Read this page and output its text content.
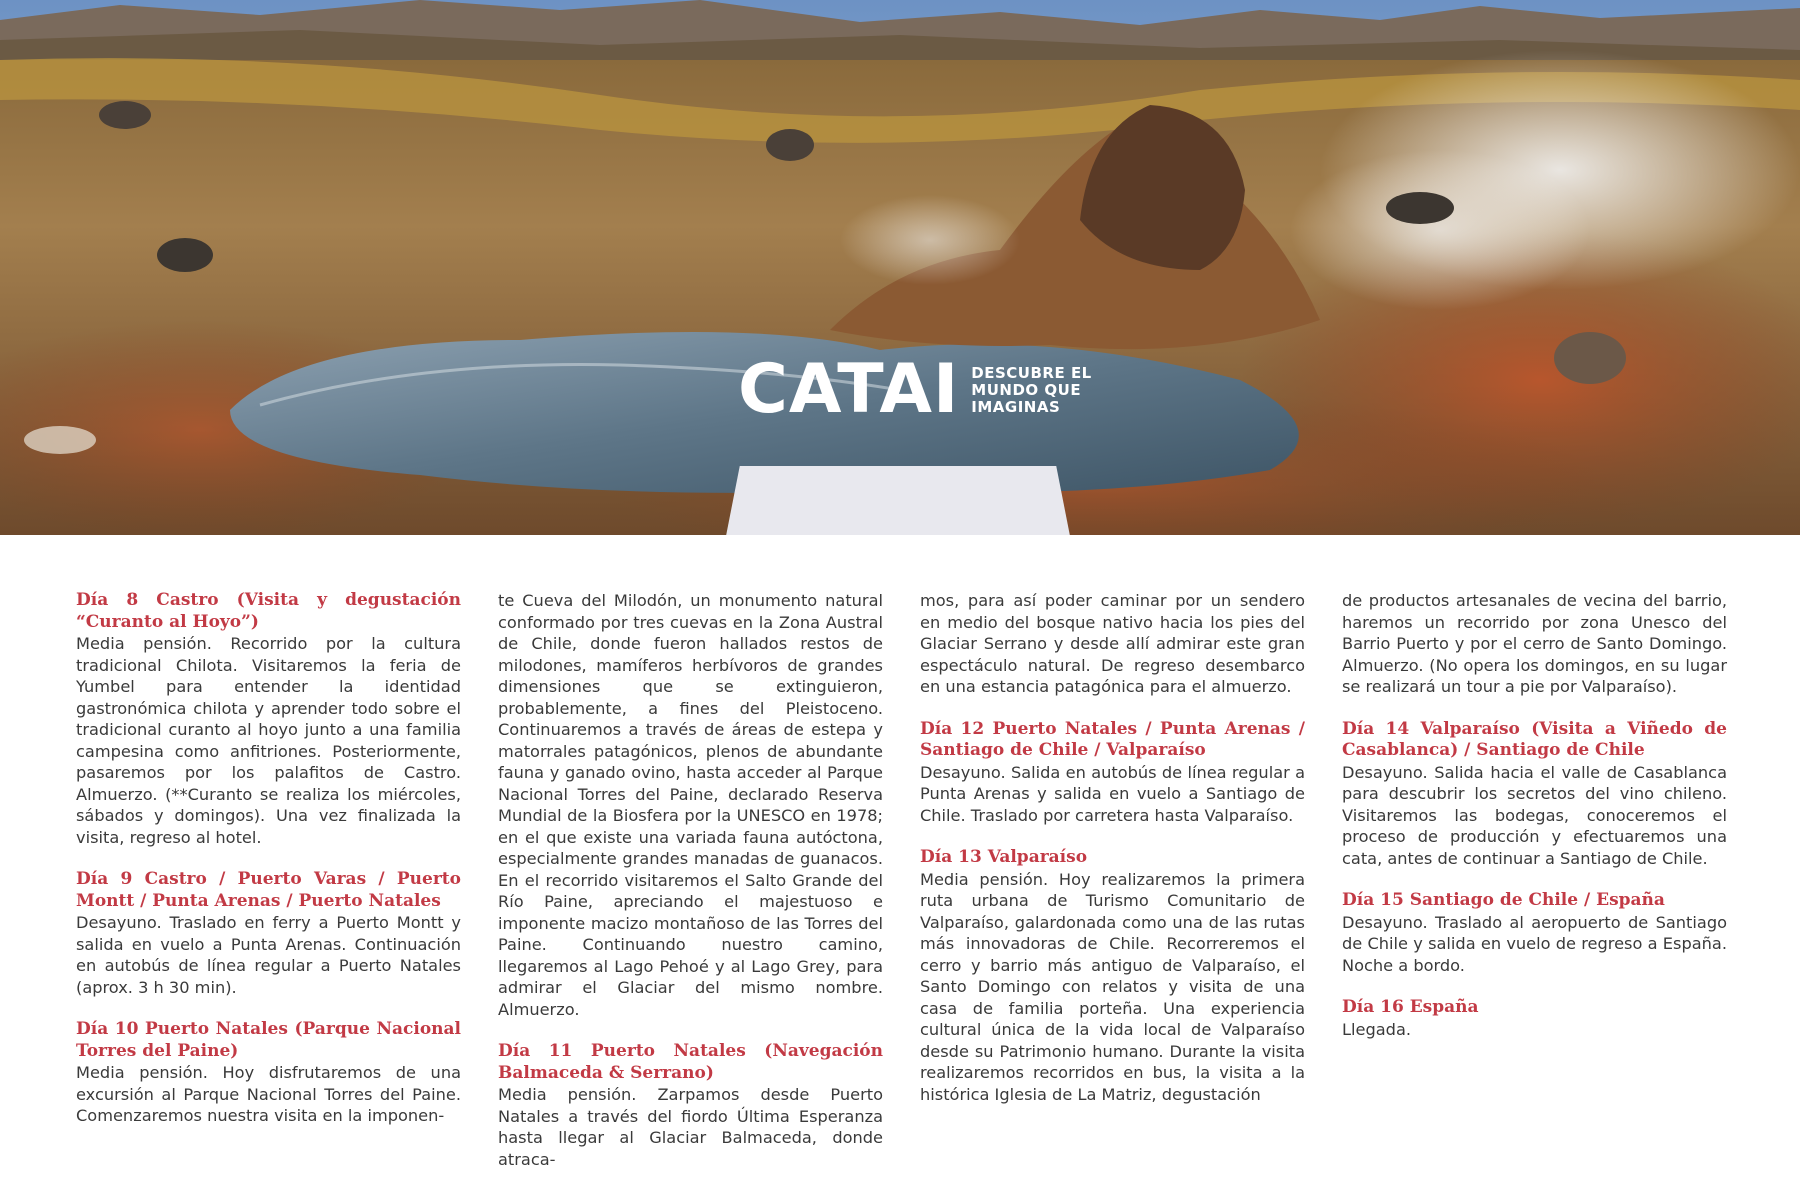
CATAI DESCUBRE EL
MUNDO QUE
IMAGINAS

Día 8 Castro (Visita y degustación “Curanto al Hoyo”)

Media pensión. Recorrido por la cultura tradicional Chilota. Visitaremos la feria de Yumbel para entender la identidad gastronómica chilota y aprender todo sobre el tradicional curanto al hoyo junto a una familia campesina como anfitriones. Posteriormente, pasaremos por los palafitos de Castro. Almuerzo. (**Curanto se realiza los miércoles, sábados y domingos). Una vez finalizada la visita, regreso al hotel.

Día 9 Castro / Puerto Varas / Puerto Montt / Punta Arenas / Puerto Natales

Desayuno. Traslado en ferry a Puerto Montt y salida en vuelo a Punta Arenas. Continuación en autobús de línea regular a Puerto Natales (aprox. 3 h 30 min).

Día 10 Puerto Natales (Parque Nacional Torres del Paine)

Media pensión. Hoy disfrutaremos de una excursión al Parque Nacional Torres del Paine. Comenzaremos nuestra visita en la imponen-

te Cueva del Milodón, un monumento natural conformado por tres cuevas en la Zona Austral de Chile, donde fueron hallados restos de milodones, mamíferos herbívoros de grandes dimensiones que se extinguieron, probablemente, a fines del Pleistoceno. Continuaremos a través de áreas de estepa y matorrales patagónicos, plenos de abundante fauna y ganado ovino, hasta acceder al Parque Nacional Torres del Paine, declarado Reserva Mundial de la Biosfera por la UNESCO en 1978; en el que existe una variada fauna autóctona, especialmente grandes manadas de guanacos. En el recorrido visitaremos el Salto Grande del Río Paine, apreciando el majestuoso e imponente macizo montañoso de las Torres del Paine. Continuando nuestro camino, llegaremos al Lago Pehoé y al Lago Grey, para admirar el Glaciar del mismo nombre. Almuerzo.

Día 11 Puerto Natales (Navegación Balmaceda & Serrano)

Media pensión. Zarpamos desde Puerto Natales a través del fiordo Última Esperanza hasta llegar al Glaciar Balmaceda, donde atraca-

mos, para así poder caminar por un sendero en medio del bosque nativo hacia los pies del Glaciar Serrano y desde allí admirar este gran espectáculo natural. De regreso desembarco en una estancia patagónica para el almuerzo.

Día 12 Puerto Natales / Punta Arenas / Santiago de Chile / Valparaíso

Desayuno. Salida en autobús de línea regular a Punta Arenas y salida en vuelo a Santiago de Chile. Traslado por carretera hasta Valparaíso.

Día 13 Valparaíso

Media pensión. Hoy realizaremos la primera ruta urbana de Turismo Comunitario de Valparaíso, galardonada como una de las rutas más innovadoras de Chile. Recorreremos el cerro y barrio más antiguo de Valparaíso, el Santo Domingo con relatos y visita de una casa de familia porteña. Una experiencia cultural única de la vida local de Valparaíso desde su Patrimonio humano. Durante la visita realizaremos recorridos en bus, la visita a la histórica Iglesia de La Matriz, degustación

de productos artesanales de vecina del barrio, haremos un recorrido por zona Unesco del Barrio Puerto y por el cerro de Santo Domingo. Almuerzo. (No opera los domingos, en su lugar se realizará un tour a pie por Valparaíso).

Día 14 Valparaíso (Visita a Viñedo de Casablanca) / Santiago de Chile

Desayuno. Salida hacia el valle de Casablanca para descubrir los secretos del vino chileno. Visitaremos las bodegas, conoceremos el proceso de producción y efectuaremos una cata, antes de continuar a Santiago de Chile.

Día 15 Santiago de Chile / España

Desayuno. Traslado al aeropuerto de Santiago de Chile y salida en vuelo de regreso a España. Noche a bordo.

Día 16 España

Llegada.
